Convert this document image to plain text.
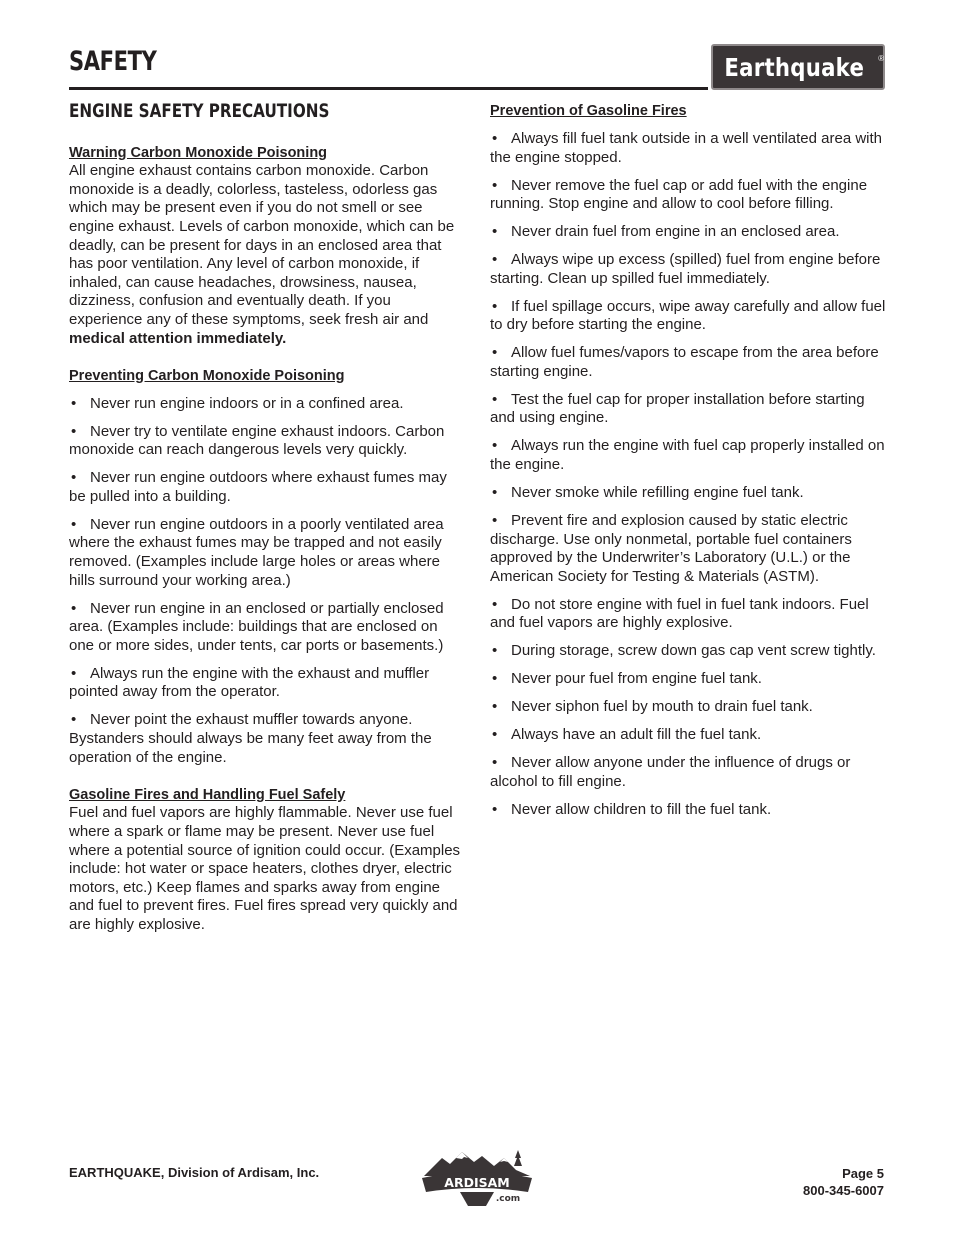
SAFETY	Earthquake ®
ENGINE SAFETY PRECAUTIONS

Warning Carbon Monoxide Poisoning

All engine exhaust contains carbon monoxide. Carbon monoxide is a deadly, colorless, tasteless, odorless gas which may be present even if you do not smell or see engine exhaust. Levels of carbon monoxide, which can be deadly, can be present for days in an enclosed area that has poor ventilation. Any level of carbon monoxide, if inhaled, can cause headaches, drowsiness, nausea, dizziness, confusion and eventually death. If you experience any of these symptoms, seek fresh air and medical attention immediately.

Preventing Carbon Monoxide Poisoning

• Never run engine indoors or in a confined area.
• Never try to ventilate engine exhaust indoors. Carbon monoxide can reach dangerous levels very quickly.
• Never run engine outdoors where exhaust fumes may be pulled into a building.
• Never run engine outdoors in a poorly ventilated area where the exhaust fumes may be trapped and not easily removed. (Examples include large holes or areas where hills surround your working area.)
• Never run engine in an enclosed or partially enclosed area. (Examples include: buildings that are enclosed on one or more sides, under tents, car ports or basements.)
• Always run the engine with the exhaust and muffler pointed away from the operator.
• Never point the exhaust muffler towards anyone. Bystanders should always be many feet away from the operation of the engine.

Gasoline Fires and Handling Fuel Safely

Fuel and fuel vapors are highly flammable. Never use fuel where a spark or flame may be present. Never use fuel where a potential source of ignition could occur. (Examples include: hot water or space heaters, clothes dryer, electric motors, etc.) Keep flames and sparks away from engine and fuel to prevent fires. Fuel fires spread very quickly and are highly explosive.

Prevention of Gasoline Fires

• Always fill fuel tank outside in a well ventilated area with the engine stopped.
• Never remove the fuel cap or add fuel with the engine running. Stop engine and allow to cool before filling.
• Never drain fuel from engine in an enclosed area.
• Always wipe up excess (spilled) fuel from engine before starting. Clean up spilled fuel immediately.
• If fuel spillage occurs, wipe away carefully and allow fuel to dry before starting the engine.
• Allow fuel fumes/vapors to escape from the area before starting engine.
• Test the fuel cap for proper installation before starting and using engine.
• Always run the engine with fuel cap properly installed on the engine.
• Never smoke while refilling engine fuel tank.
• Prevent fire and explosion caused by static electric discharge. Use only nonmetal, portable fuel containers approved by the Underwriter’s Laboratory (U.L.) or the American Society for Testing & Materials (ASTM).
• Do not store engine with fuel in fuel tank indoors. Fuel and fuel vapors are highly explosive.
• During storage, screw down gas cap vent screw tightly.
• Never pour fuel from engine fuel tank.
• Never siphon fuel by mouth to drain fuel tank.
• Always have an adult fill the fuel tank.
• Never allow anyone under the influence of drugs or alcohol to fill engine.
• Never allow children to fill the fuel tank.
EARTHQUAKE, Division of Ardisam, Inc.
ARDISAM
.com
Page 5
800-345-6007
